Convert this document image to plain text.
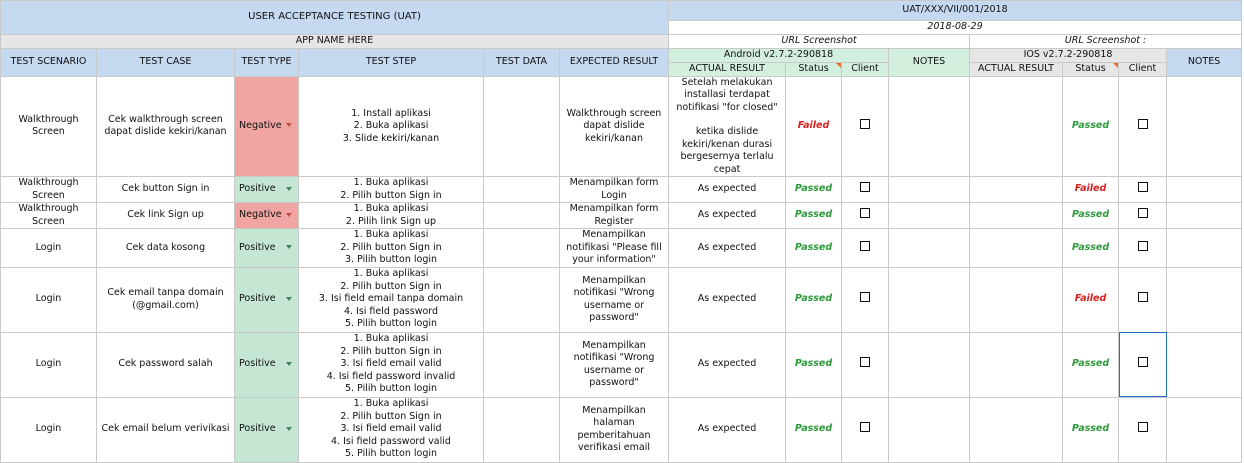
USER ACCEPTANCE TESTING (UAT)						UAT/XXX/VII/001/2018							
						2018-08-29							
APP NAME HERE						URL Screenshot				URL Screenshot :			
TEST SCENARIO	TEST CASE	TEST TYPE	TEST STEP	TEST DATA	EXPECTED RESULT	Android v2.7.2-290818			NOTES	IOS v2.7.2-290818			NOTES
						ACTUAL RESULT	Status	Client		ACTUAL RESULT	Status	Client	
Walkthrough Screen	Cek walkthrough screen dapat dislide kekiri/kanan	Negative	1. Install aplikasi
2. Buka aplikasi
3. Slide kekiri/kanan		Walkthrough screen dapat dislide kekiri/kanan	Setelah melakukan installasi terdapat notifikasi "for closed"
ketika dislide kekiri/kenan durasi bergesernya terlalu cepat	Failed				Passed		
Walkthrough Screen	Cek button Sign in	Positive	1. Buka aplikasi
2. Pilih button Sign in		Menampilkan form Login	As expected	Passed				Failed		
Walkthrough Screen	Cek link Sign up	Negative	1. Buka aplikasi
2. Pilih link Sign up		Menampilkan form Register	As expected	Passed				Passed		
Login	Cek data kosong	Positive	1. Buka aplikasi
2. Pilih button Sign in
3. Pilih button login		Menampilkan notifikasi "Please fill your information"	As expected	Passed				Passed		
Login	Cek email tanpa domain (@gmail.com)	Positive	1. Buka aplikasi
2. Pilih button Sign in
3. Isi field email tanpa domain
4. Isi field password
5. Pilih button login		Menampilkan notifikasi "Wrong username or password"	As expected	Passed				Failed		
Login	Cek password salah	Positive	1. Buka aplikasi
2. Pilih button Sign in
3. Isi field email valid
4. Isi field password invalid
5. Pilih button login		Menampilkan notifikasi "Wrong username or password"	As expected	Passed				Passed		
Login	Cek email belum verivikasi	Positive	1. Buka aplikasi
2. Pilih button Sign in
3. Isi field email valid
4. Isi field password valid
5. Pilih button login		Menampilkan halaman pemberitahuan verifikasi email	As expected	Passed				Passed		
